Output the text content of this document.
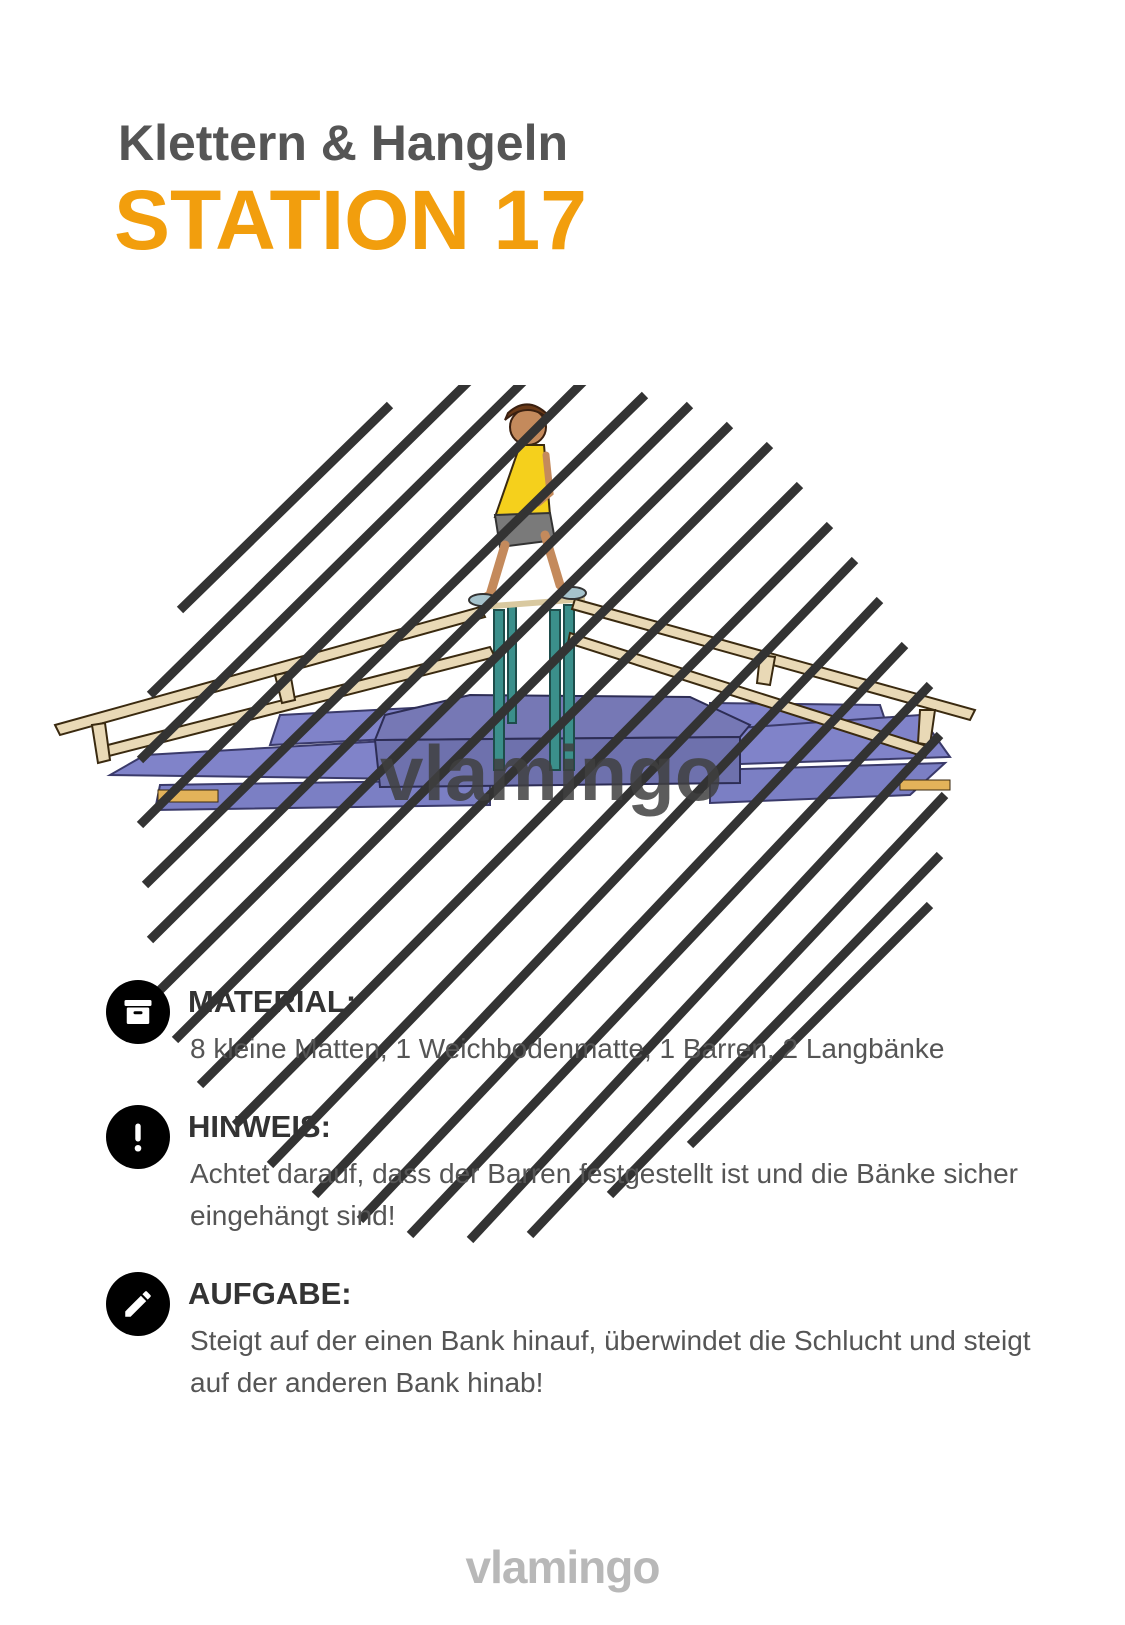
Klettern & Hangeln
STATION 17
vlamingo
MATERIAL:
8 kleine Matten, 1 Weichbodenmatte, 1 Barren, 2 Langbänke
HINWEIS:
Achtet darauf, dass der Barren festgestellt ist und die Bänke sicher eingehängt sind!
AUFGABE:
Steigt auf der einen Bank hinauf, überwindet die Schlucht und steigt auf der anderen Bank hinab!
vlamingo
